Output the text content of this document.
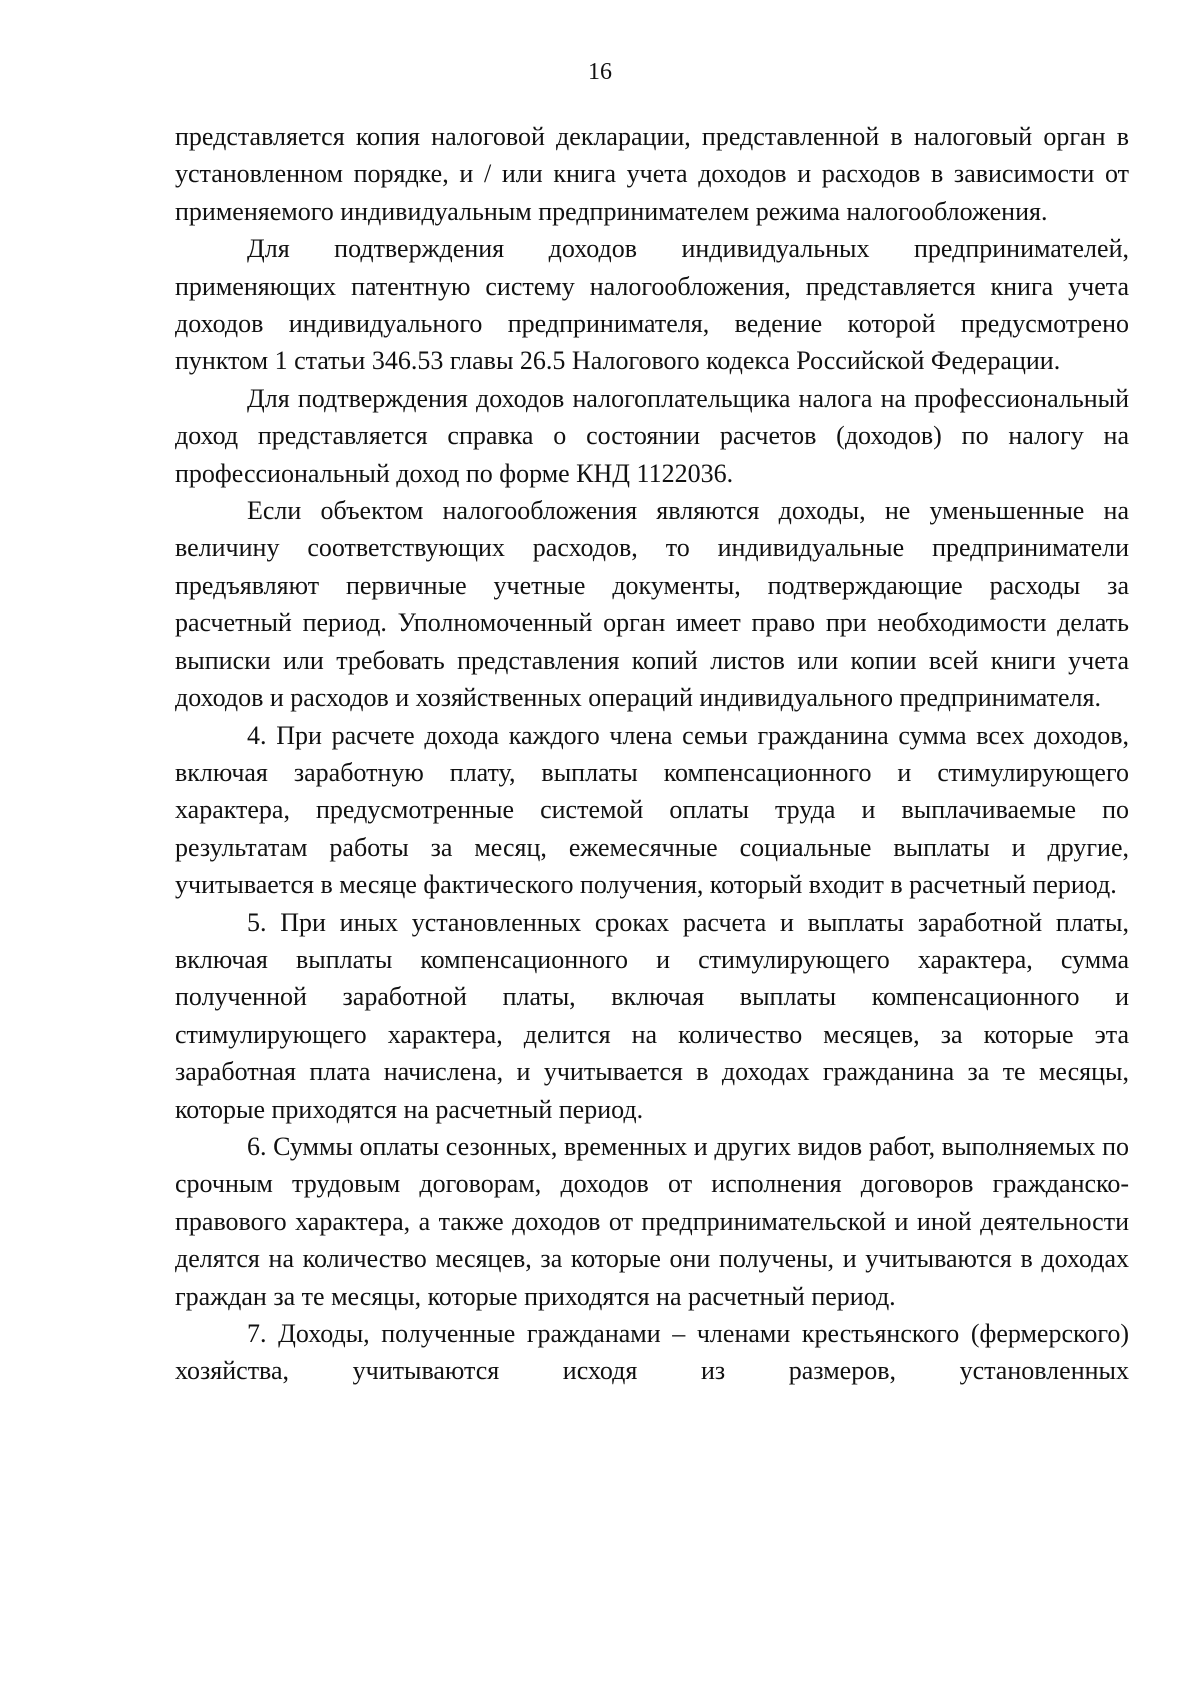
16

представляется копия налоговой декларации, представленной в налоговый орган в установленном порядке, и / или книга учета доходов и расходов в зависимости от применяемого индивидуальным предпринимателем режима налогообложения.

Для подтверждения доходов индивидуальных предпринимателей, применяющих патентную систему налогообложения, представляется книга учета доходов индивидуального предпринимателя, ведение которой предусмотрено пунктом 1 статьи 346.53 главы 26.5 Налогового кодекса Российской Федерации.

Для подтверждения доходов налогоплательщика налога на профессиональный доход представляется справка о состоянии расчетов (доходов) по налогу на профессиональный доход по форме КНД 1122036.

Если объектом налогообложения являются доходы, не уменьшенные на величину соответствующих расходов, то индивидуальные предприниматели предъявляют первичные учетные документы, подтверждающие расходы за расчетный период. Уполномоченный орган имеет право при необходимости делать выписки или требовать представления копий листов или копии всей книги учета доходов и расходов и хозяйственных операций индивидуального предпринимателя.

4. При расчете дохода каждого члена семьи гражданина сумма всех доходов, включая заработную плату, выплаты компенсационного и стимулирующего характера, предусмотренные системой оплаты труда и выплачиваемые по результатам работы за месяц, ежемесячные социальные выплаты и другие, учитывается в месяце фактического получения, который входит в расчетный период.

5. При иных установленных сроках расчета и выплаты заработной платы, включая выплаты компенсационного и стимулирующего характера, сумма полученной заработной платы, включая выплаты компенсационного и стимулирующего характера, делится на количество месяцев, за которые эта заработная плата начислена, и учитывается в доходах гражданина за те месяцы, которые приходятся на расчетный период.

6. Суммы оплаты сезонных, временных и других видов работ, выполняемых по срочным трудовым договорам, доходов от исполнения договоров гражданско-правового характера, а также доходов от предпринимательской и иной деятельности делятся на количество месяцев, за которые они получены, и учитываются в доходах граждан за те месяцы, которые приходятся на расчетный период.

7. Доходы, полученные гражданами – членами крестьянского (фермерского) хозяйства, учитываются исходя из размеров, установленных
